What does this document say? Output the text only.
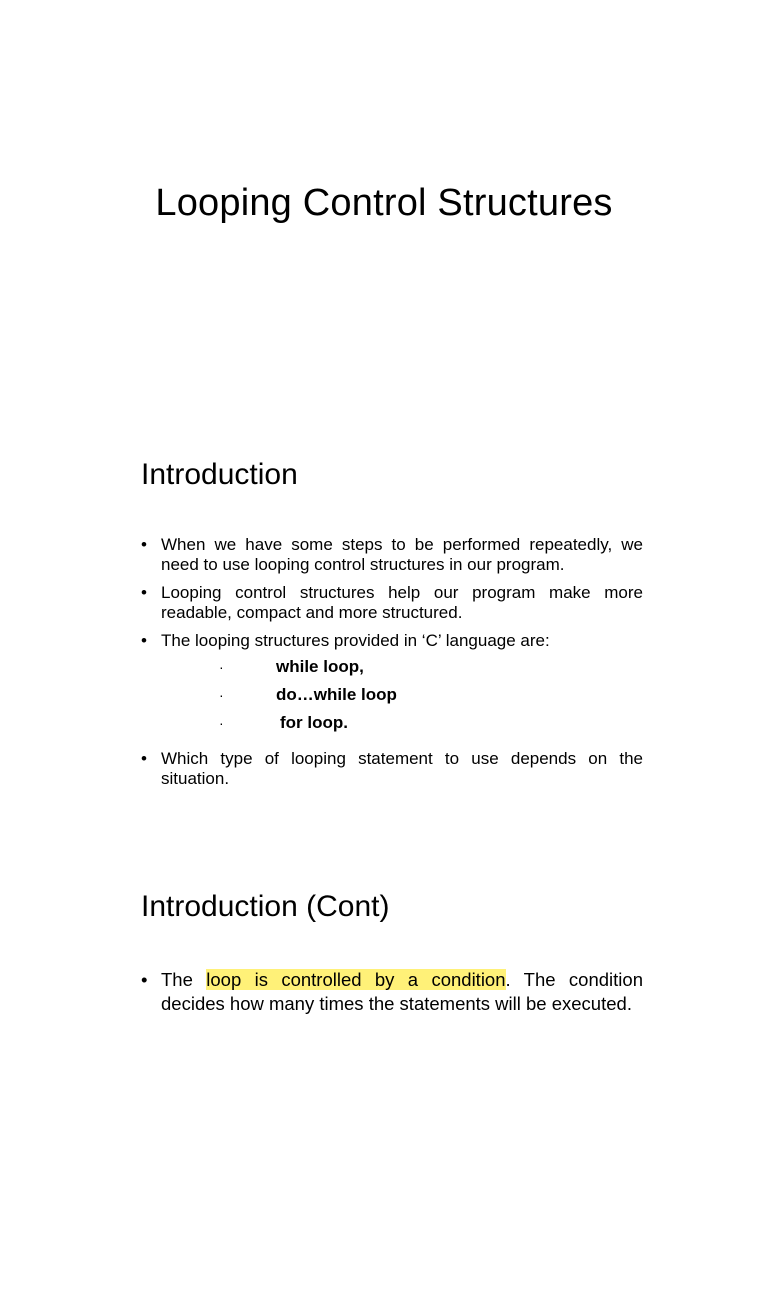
Looping Control Structures
Introduction
• When we have some steps to be performed repeatedly, we need to use looping control structures in our program.
• Looping control structures help our program make more readable, compact and more structured.
• The looping structures provided in ‘C’ language are:
·	while loop,
·	do…while loop
·	for loop.
• Which type of looping statement to use depends on the situation.
Introduction (Cont)
• The loop is controlled by a condition. The condition decides how many times the statements will be executed.
